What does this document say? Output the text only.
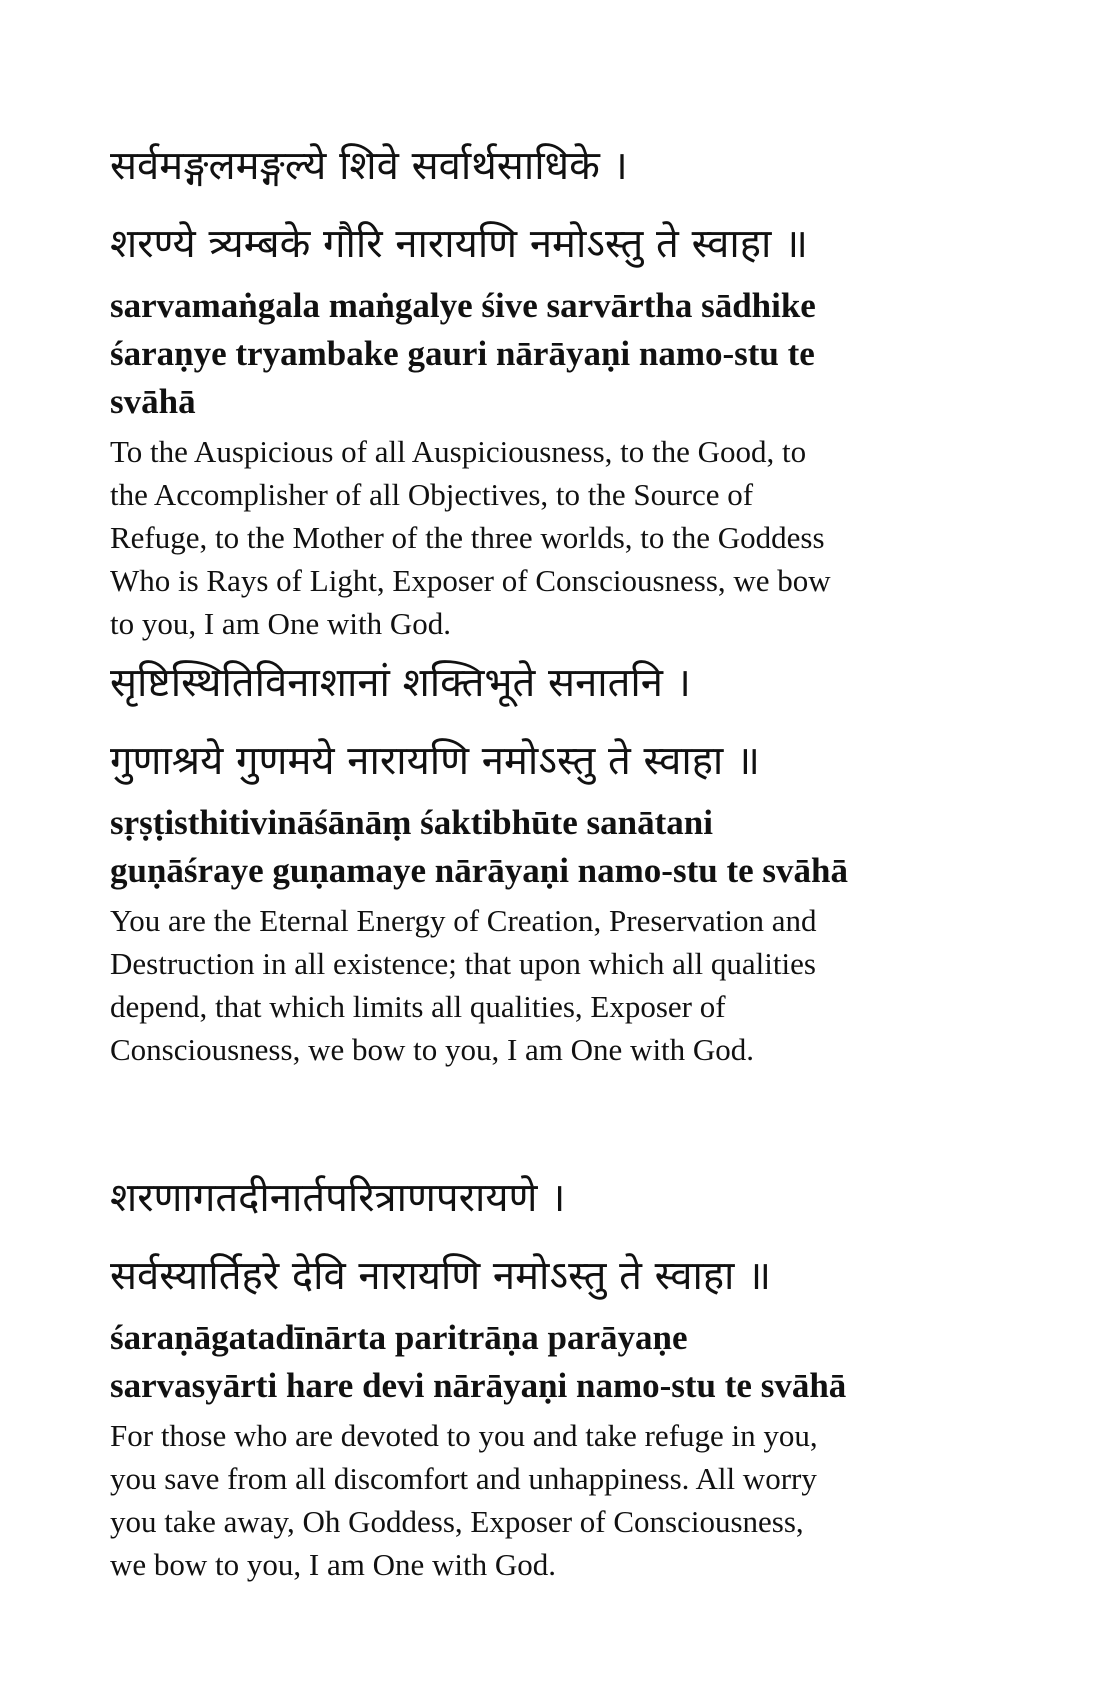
सर्वमङ्गलमङ्गल्ये शिवे सर्वार्थसाधिके ।

शरण्ये त्र्यम्बके गौरि नारायणि नमोऽस्तु ते स्वाहा ॥

sarvamaṅgala maṅgalye śive sarvārtha sādhike
śaraṇye tryambake gauri nārāyaṇi namo-stu te
svāhā

To the Auspicious of all Auspiciousness, to the Good, to
the Accomplisher of all Objectives, to the Source of
Refuge, to the Mother of the three worlds, to the Goddess
Who is Rays of Light, Exposer of Consciousness, we bow
to you, I am One with God.

सृष्टिस्थितिविनाशानां शक्तिभूते सनातनि ।

गुणाश्रये गुणमये नारायणि नमोऽस्तु ते स्वाहा ॥

sṛṣṭisthitivināśānāṃ śaktibhūte sanātani
guṇāśraye guṇamaye nārāyaṇi namo-stu te svāhā

You are the Eternal Energy of Creation, Preservation and
Destruction in all existence; that upon which all qualities
depend, that which limits all qualities, Exposer of
Consciousness, we bow to you, I am One with God.

शरणागतदीनार्तपरित्राणपरायणे ।

सर्वस्यार्तिहरे देवि नारायणि नमोऽस्तु ते स्वाहा ॥

śaraṇāgatadīnārta paritrāṇa parāyaṇe
sarvasyārti hare devi nārāyaṇi namo-stu te svāhā

For those who are devoted to you and take refuge in you,
you save from all discomfort and unhappiness. All worry
you take away, Oh Goddess, Exposer of Consciousness,
we bow to you, I am One with God.
